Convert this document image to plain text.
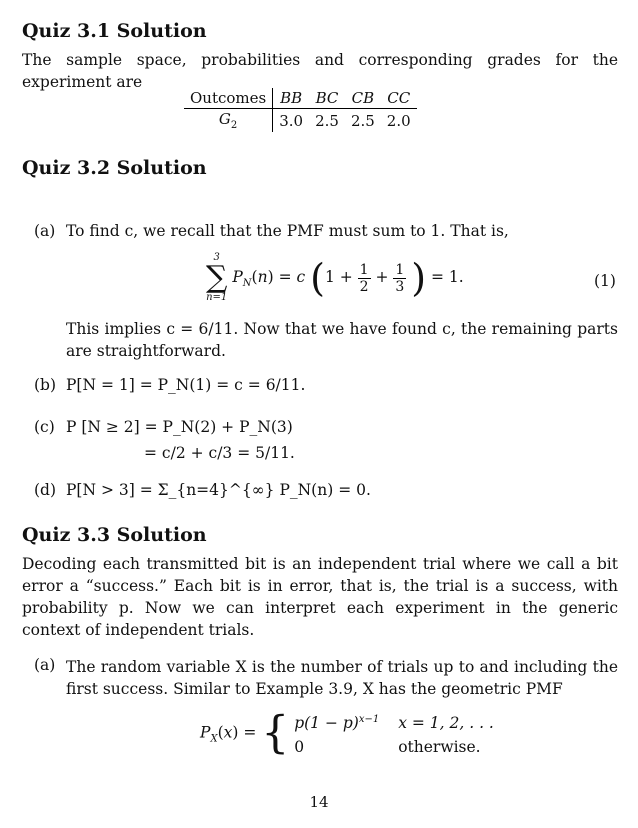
Quiz 3.1 Solution

The sample space, probabilities and corresponding grades for the experiment are

Outcomes	BB	BC	CB	CC
$G_2$	3.0	2.5	2.5	2.0
Quiz 3.2 Solution
(a) To find c, we recall that the PMF must sum to 1. That is,
3
∑
n=1
$P_N(n) = c$ ($1 + \frac{1}{2} + \frac{1}{3}$ ) = 1.	(1)

This implies c = 6/11. Now that we have found c, the remaining parts are straightforward.

(b) P[N = 1] = P_N(1) = c = 6/11.
(c) P [N ≥ 2] = P_N(2) + P_N(3)
= c/2 + c/3 = 5/11.
(d) P[N > 3] = Σ_{n=4}^{∞} P_N(n) = 0.
Quiz 3.3 Solution

Decoding each transmitted bit is an independent trial where we call a bit error a “success.” Each bit is in error, that is, the trial is a success, with probability p. Now we can interpret each experiment in the generic context of independent trials.

(a) The random variable X is the number of trials up to and including the first success. Similar to Example 3.9, X has the geometric PMF

$P_X(x)$ = { $p(1 - p)^{x-1}$ x = 1, 2, . . .
0	otherwise.
14
